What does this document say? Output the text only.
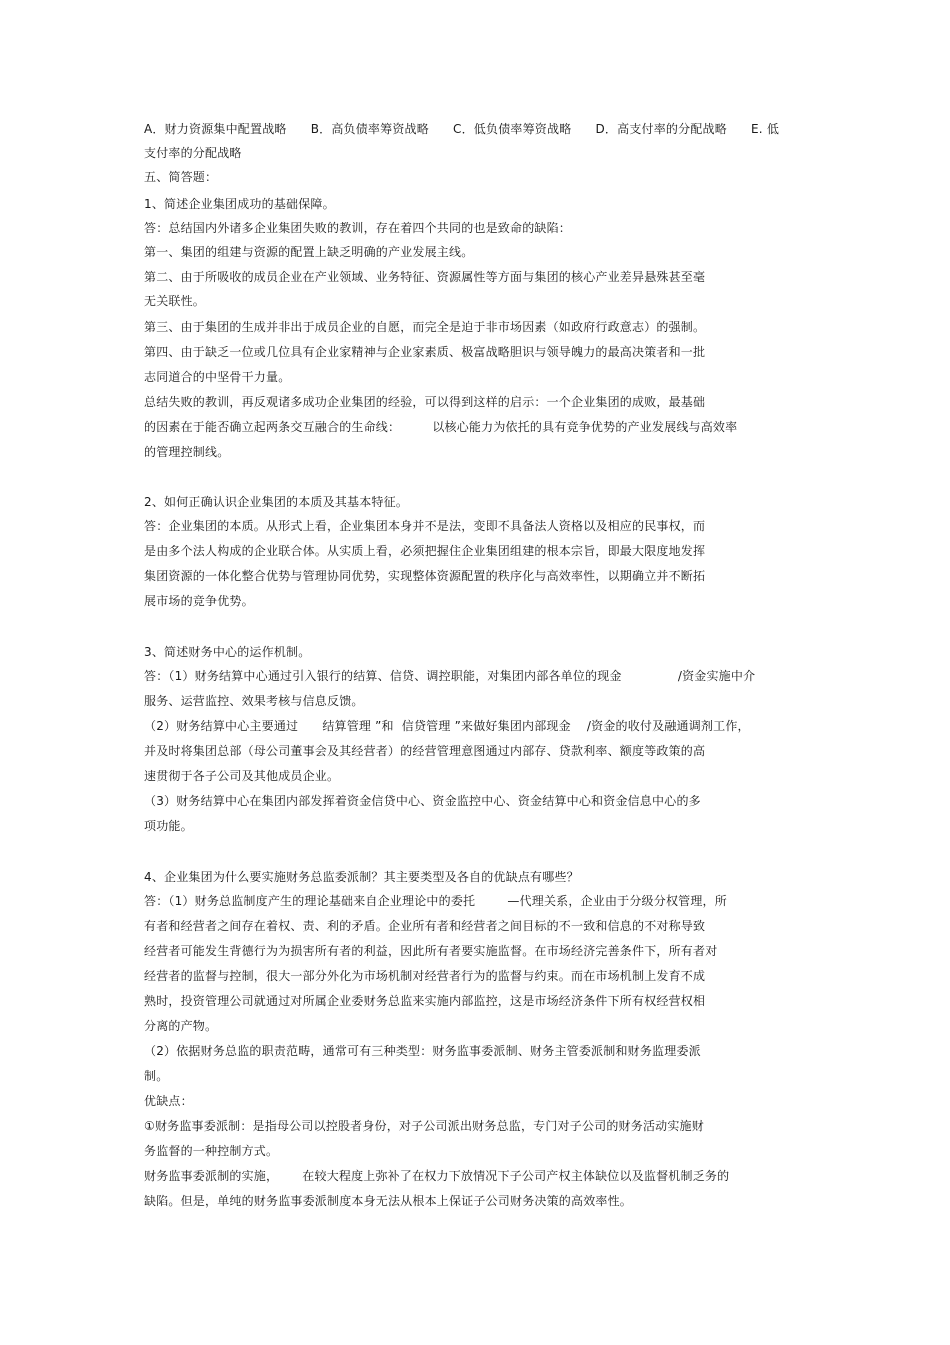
A．财力资源集中配置战略      B．高负债率筹资战略      C．低负债率筹资战略      D．高支付率的分配战略      E. 低
支付率的分配战略
五、简答题：
1、简述企业集团成功的基础保障。
答：总结国内外诸多企业集团失败的教训，存在着四个共同的也是致命的缺陷：
第一、集团的组建与资源的配置上缺乏明确的产业发展主线。
第二、由于所吸收的成员企业在产业领域、业务特征、资源属性等方面与集团的核心产业差异悬殊甚至毫
无关联性。
第三、由于集团的生成并非出于成员企业的自愿，而完全是迫于非市场因素（如政府行政意志）的强制。
第四、由于缺乏一位或几位具有企业家精神与企业家素质、极富战略胆识与领导魄力的最高决策者和一批
志同道合的中坚骨干力量。
总结失败的教训，再反观诸多成功企业集团的经验，可以得到这样的启示：一个企业集团的成败，最基础
的因素在于能否确立起两条交互融合的生命线：        以核心能力为依托的具有竞争优势的产业发展线与高效率
的管理控制线。
2、如何正确认识企业集团的本质及其基本特征。
答：企业集团的本质。从形式上看，企业集团本身并不是法，变即不具备法人资格以及相应的民事权，而
是由多个法人构成的企业联合体。从实质上看，必须把握住企业集团组建的根本宗旨，即最大限度地发挥
集团资源的一体化整合优势与管理协同优势，实现整体资源配置的秩序化与高效率性，以期确立并不断拓
展市场的竞争优势。
3、简述财务中心的运作机制。
答：（1）财务结算中心通过引入银行的结算、信贷、调控职能，对集团内部各单位的现金              /资金实施中介
服务、运营监控、效果考核与信息反馈。
（2）财务结算中心主要通过      结算管理 ”和  信贷管理 ”来做好集团内部现金    /资金的收付及融通调剂工作，
并及时将集团总部（母公司董事会及其经营者）的经营管理意图通过内部存、贷款利率、额度等政策的高
速贯彻于各子公司及其他成员企业。
（3）财务结算中心在集团内部发挥着资金信贷中心、资金监控中心、资金结算中心和资金信息中心的多
项功能。
4、企业集团为什么要实施财务总监委派制？其主要类型及各自的优缺点有哪些？
答：（1）财务总监制度产生的理论基础来自企业理论中的委托        —代理关系，企业由于分级分权管理，所
有者和经营者之间存在着权、责、利的矛盾。企业所有者和经营者之间目标的不一致和信息的不对称导致
经营者可能发生背德行为为损害所有者的利益，因此所有者要实施监督。在市场经济完善条件下，所有者对
经营者的监督与控制，很大一部分外化为市场机制对经营者行为的监督与约束。而在市场机制上发育不成
熟时，投资管理公司就通过对所属企业委财务总监来实施内部监控，这是市场经济条件下所有权经营权相
分离的产物。
（2）依据财务总监的职责范畴，通常可有三种类型：财务监事委派制、财务主管委派制和财务监理委派
制。
优缺点：
①财务监事委派制：是指母公司以控股者身份，对子公司派出财务总监，专门对子公司的财务活动实施财
务监督的一种控制方式。
财务监事委派制的实施，      在较大程度上弥补了在权力下放情况下子公司产权主体缺位以及监督机制乏务的
缺陷。但是，单纯的财务监事委派制度本身无法从根本上保证子公司财务决策的高效率性。
